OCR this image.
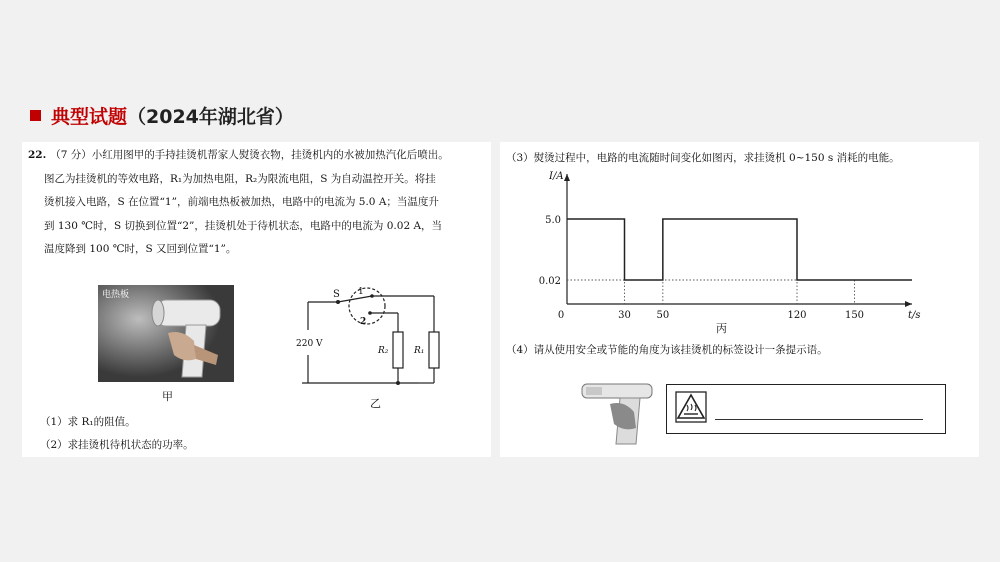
典型试题 （2024年湖北省）
22. （7 分）小红用图甲的手持挂烫机帮家人熨烫衣物，挂烫机内的水被加热汽化后喷出。
图乙为挂烫机的等效电路，R₁为加热电阻，R₂为限流电阻，S 为自动温控开关。将挂
烫机接入电路，S 在位置“1”，前端电热板被加热，电路中的电流为 5.0 A；当温度升
到 130 ℃时，S 切换到位置“2”，挂烫机处于待机状态，电路中的电流为 0.02 A，当
温度降到 100 ℃时，S 又回到位置“1”。
电热板
甲
S 1
2
220 V
R₂	R₁
乙
（1）求 R₁的阻值。
（2）求挂烫机待机状态的功率。
（3）熨烫过程中，电路的电流随时间变化如图丙，求挂烫机 0~150 s 消耗的电能。
I/A
t/s
0	30	50	120	150
5.0
0.02
丙
（4）请从使用安全或节能的角度为该挂烫机的标签设计一条提示语。
